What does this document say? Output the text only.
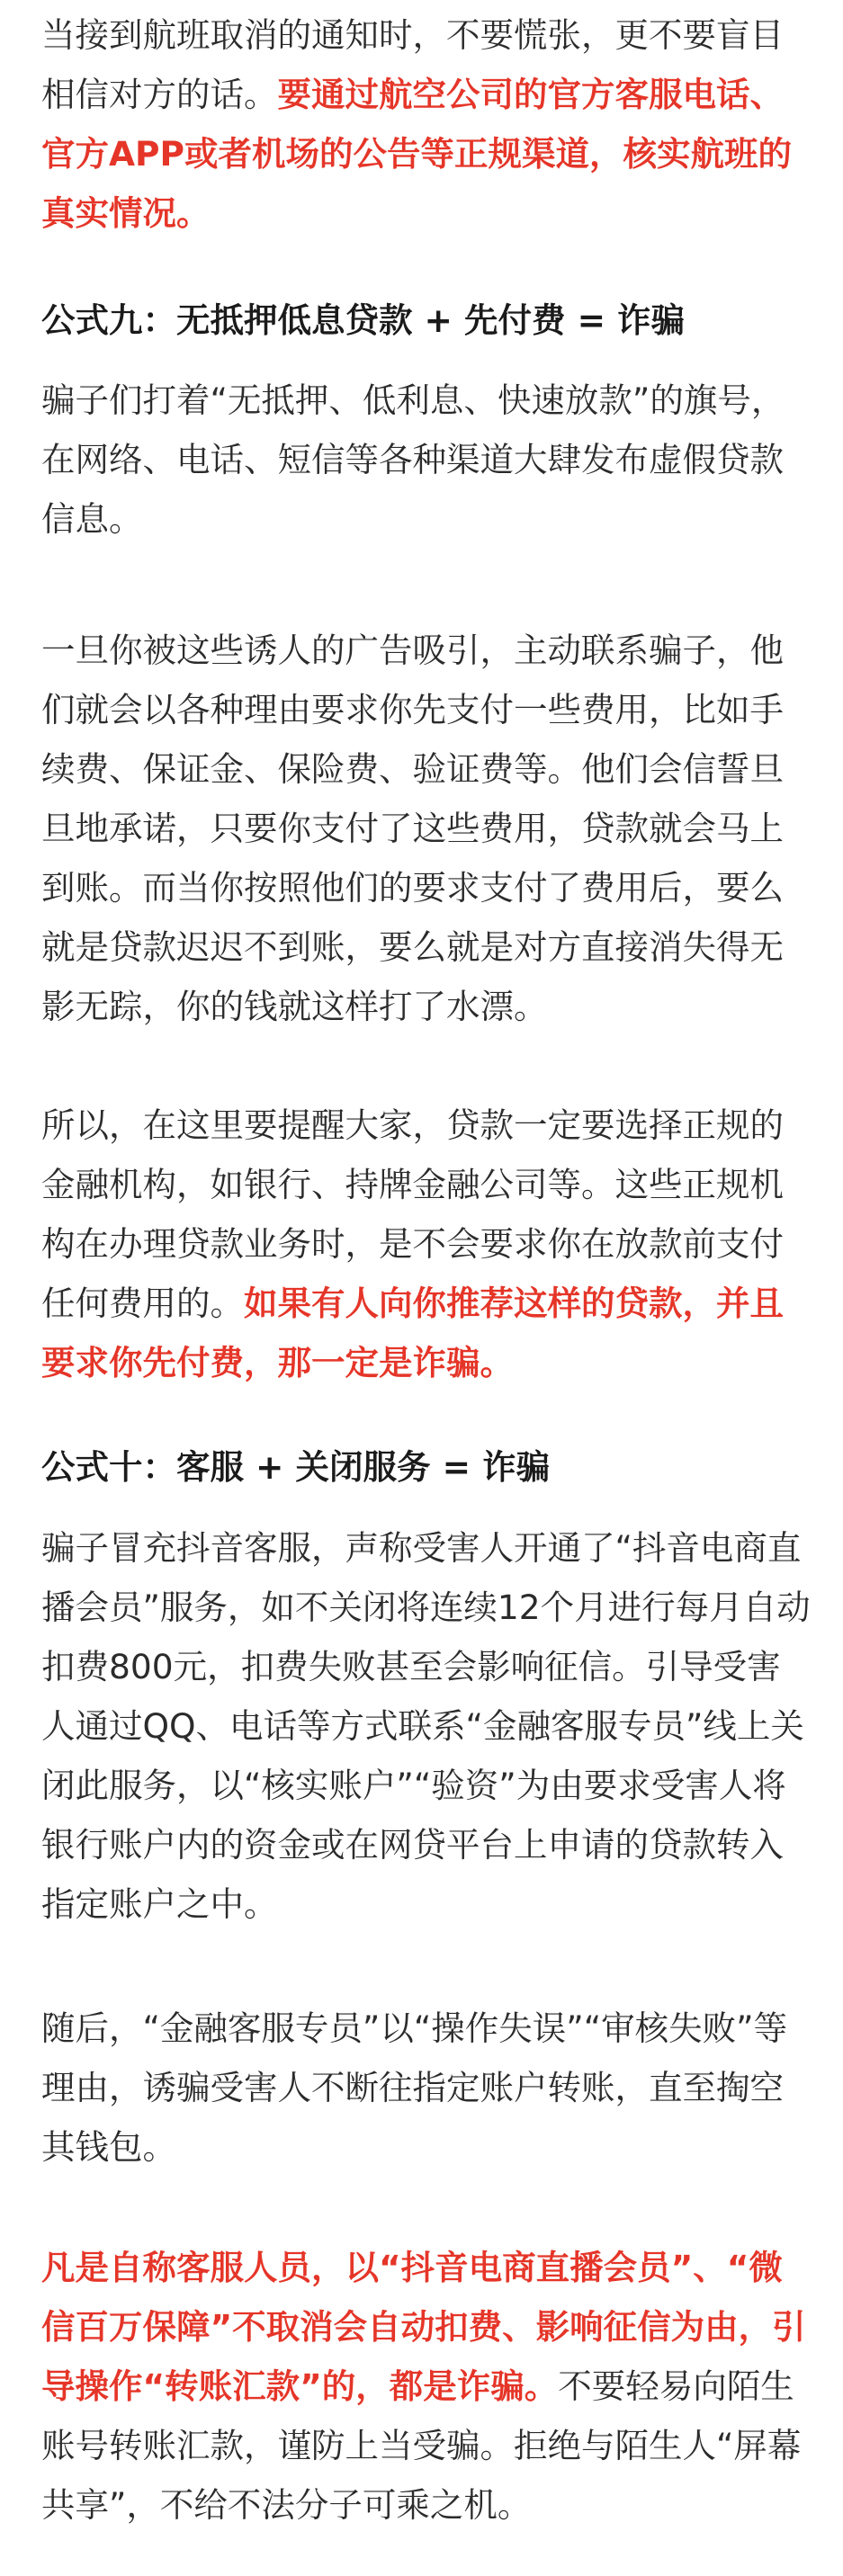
当接到航班取消的通知时，不要慌张，更不要盲目相信对方的话。要通过航空公司的官方客服电话、官方APP或者机场的公告等正规渠道，核实航班的真实情况。

公式九：无抵押低息贷款 + 先付费 = 诈骗

骗子们打着“无抵押、低利息、快速放款”的旗号，在网络、电话、短信等各种渠道大肆发布虚假贷款信息。

一旦你被这些诱人的广告吸引，主动联系骗子，他们就会以各种理由要求你先支付一些费用，比如手续费、保证金、保险费、验证费等。他们会信誓旦旦地承诺，只要你支付了这些费用，贷款就会马上到账。而当你按照他们的要求支付了费用后，要么就是贷款迟迟不到账，要么就是对方直接消失得无影无踪，你的钱就这样打了水漂。

所以，在这里要提醒大家，贷款一定要选择正规的金融机构，如银行、持牌金融公司等。这些正规机构在办理贷款业务时，是不会要求你在放款前支付任何费用的。如果有人向你推荐这样的贷款，并且要求你先付费，那一定是诈骗。

公式十：客服 + 关闭服务 = 诈骗

骗子冒充抖音客服，声称受害人开通了“抖音电商直播会员”服务，如不关闭将连续12个月进行每月自动扣费800元，扣费失败甚至会影响征信。引导受害人通过QQ、电话等方式联系“金融客服专员”线上关闭此服务，以“核实账户”“验资”为由要求受害人将银行账户内的资金或在网贷平台上申请的贷款转入指定账户之中。

随后，“金融客服专员”以“操作失误”“审核失败”等理由，诱骗受害人不断往指定账户转账，直至掏空其钱包。

凡是自称客服人员，以“抖音电商直播会员”、“微信百万保障”不取消会自动扣费、影响征信为由，引导操作“转账汇款”的，都是诈骗。不要轻易向陌生账号转账汇款，谨防上当受骗。拒绝与陌生人“屏幕共享”，不给不法分子可乘之机。
